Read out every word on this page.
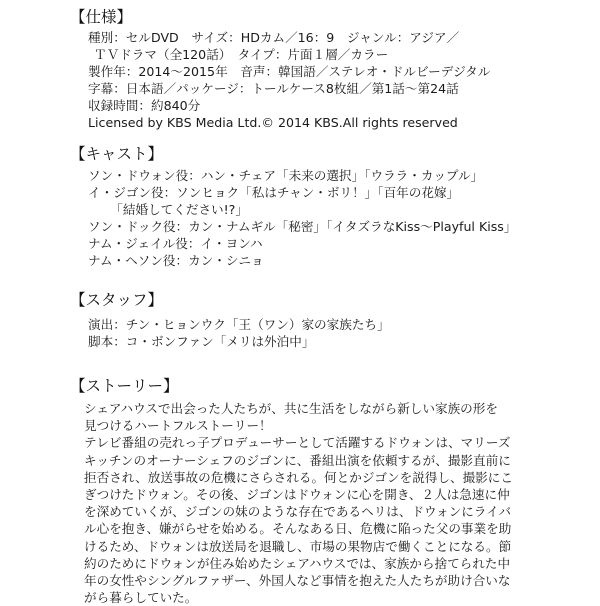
【仕様】

種別：セルDVD　サイズ：HDカム／16：9　ジャンル：アジア／

ＴＶドラマ（全120話）　タイプ：片面１層／カラー

製作年：2014～2015年　音声：韓国語／ステレオ・ドルビーデジタル

字幕：日本語／パッケージ：トールケース8枚組／第1話～第24話

収録時間：約840分

Licensed by KBS Media Ltd.© 2014 KBS.All rights reserved

【キャスト】

ソン・ドウォン役：ハン・チェア「未来の選択」「ウララ・カップル」

イ・ジゴン役：ソンヒョク「私はチャン・ボリ！」「百年の花嫁」

　「結婚してください!?」

ソン・ドック役：カン・ナムギル「秘密」「イタズラなKiss～Playful Kiss」

ナム・ジェイル役：イ・ヨンハ

ナム・ヘソン役：カン・シニョ

【スタッフ】

演出：チン・ヒョンウク「王（ワン）家の家族たち」

脚本：コ・ボンファン「メリは外泊中」

【ストーリー】

シェアハウスで出会った人たちが、共に生活をしながら新しい家族の形を

見つけるハートフルストーリー！

テレビ番組の売れっ子プロデューサーとして活躍するドウォンは、マリーズ

キッチンのオーナーシェフのジゴンに、番組出演を依頼するが、撮影直前に

拒否され、放送事故の危機にさらされる。何とかジゴンを説得し、撮影にこ

ぎつけたドウォン。その後、ジゴンはドウォンに心を開き、２人は急速に仲

を深めていくが、ジゴンの妹のような存在であるヘリは、ドウォンにライバ

ル心を抱き、嫌がらせを始める。そんなある日、危機に陥った父の事業を助

けるため、ドウォンは放送局を退職し、市場の果物店で働くことになる。節

約のためにドウォンが住み始めたシェアハウスでは、家族から捨てられた中

年の女性やシングルファザー、外国人など事情を抱えた人たちが助け合いな

がら暮らしていた。
